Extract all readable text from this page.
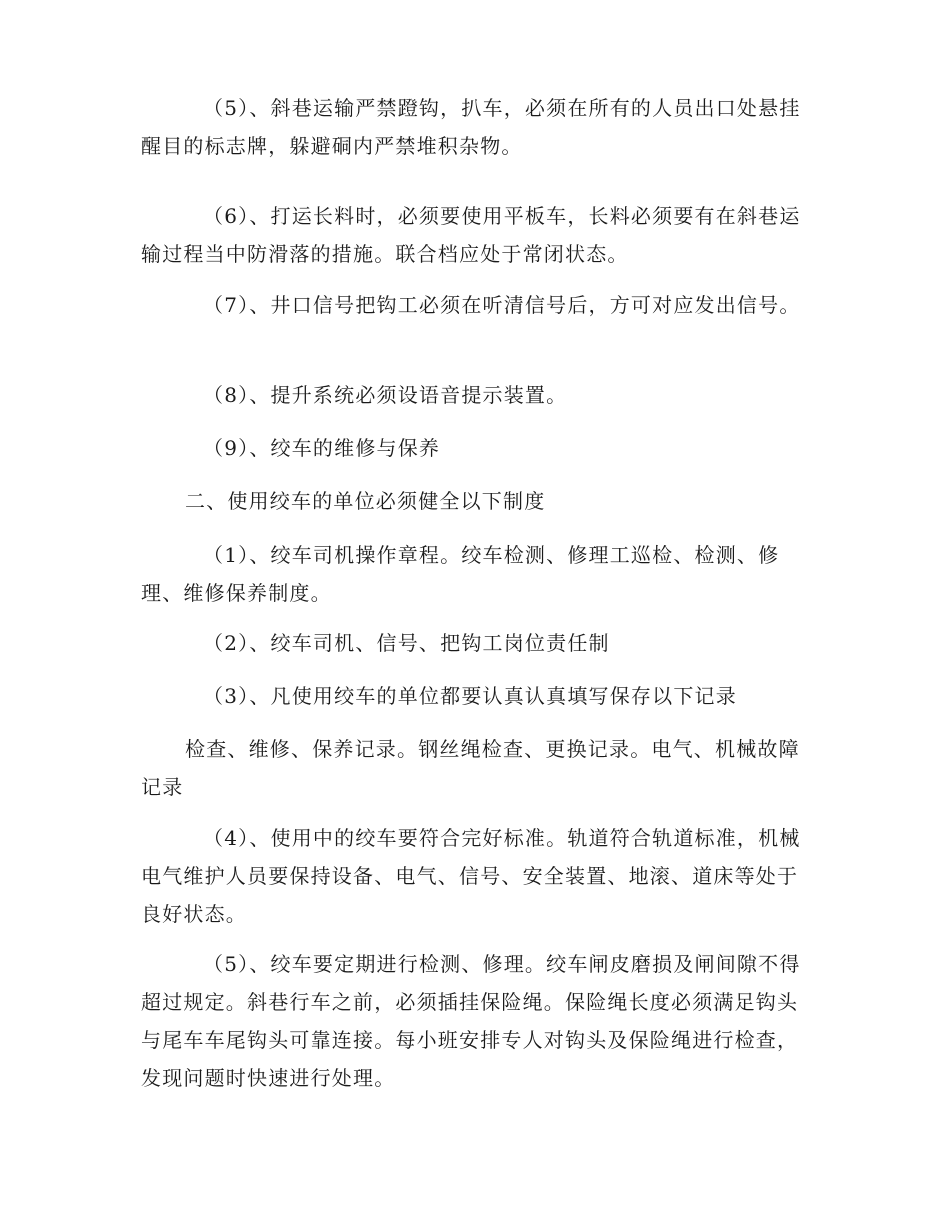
（5）、斜巷运输严禁蹬钩，扒车，必须在所有的人员出口处悬挂醒目的标志牌，躲避硐内严禁堆积杂物。

（6）、打运长料时，必须要使用平板车，长料必须要有在斜巷运输过程当中防滑落的措施。联合档应处于常闭状态。

（7）、井口信号把钩工必须在听清信号后，方可对应发出信号。

（8）、提升系统必须设语音提示装置。

（9）、绞车的维修与保养

二、使用绞车的单位必须健全以下制度

（1）、绞车司机操作章程。绞车检测、修理工巡检、检测、修理、维修保养制度。

（2）、绞车司机、信号、把钩工岗位责任制

（3）、凡使用绞车的单位都要认真认真填写保存以下记录

检查、维修、保养记录。钢丝绳检查、更换记录。电气、机械故障记录

（4）、使用中的绞车要符合完好标准。轨道符合轨道标准，机械电气维护人员要保持设备、电气、信号、安全装置、地滚、道床等处于良好状态。

（5）、绞车要定期进行检测、修理。绞车闸皮磨损及闸间隙不得超过规定。斜巷行车之前，必须插挂保险绳。保险绳长度必须满足钩头与尾车车尾钩头可靠连接。每小班安排专人对钩头及保险绳进行检查，发现问题时快速进行处理。
